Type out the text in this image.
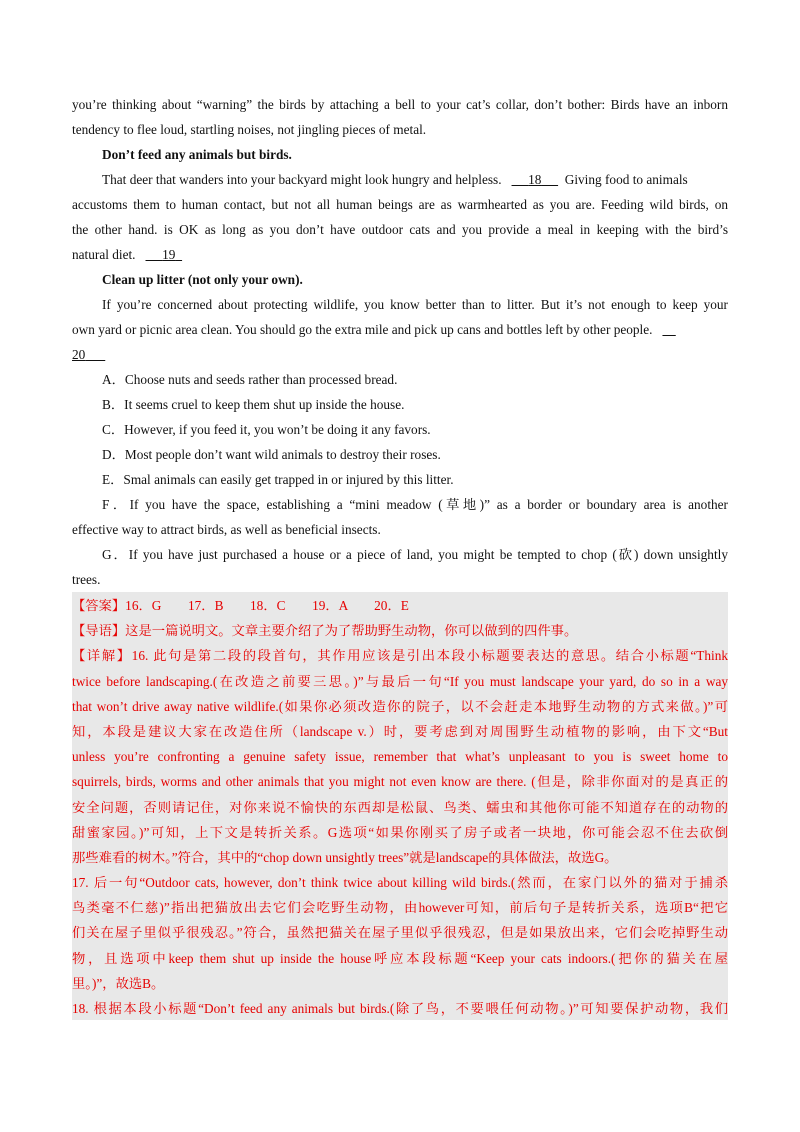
you’re thinking about “warning” the birds by attaching a bell to your cat’s collar, don’t bother: Birds have an inborn
tendency to flee loud, startling noises, not jingling pieces of metal.
Don’t feed any animals but birds.
That deer that wanders into your backyard might look hungry and helpless. 18 Giving food to animals
accustoms them to human contact, but not all human beings are as warmhearted as you are. Feeding wild birds, on
the other hand. is OK as long as you don’t have outdoor cats and you provide a meal in keeping with the bird’s
natural diet. 19
Clean up litter (not only your own).
If you’re concerned about protecting wildlife, you know better than to litter. But it’s not enough to keep your
own yard or picnic area clean. You should go the extra mile and pick up cans and bottles left by other people.
20
A．Choose nuts and seeds rather than processed bread.
B．It seems cruel to keep them shut up inside the house.
C．However, if you feed it, you won’t be doing it any favors.
D．Most people don’t want wild animals to destroy their roses.
E．Smal animals can easily get trapped in or injured by this litter.
F．If you have the space, establishing a “mini meadow (草地)” as a border or boundary area is another
effective way to attract birds, as well as beneficial insects.
G．If you have just purchased a house or a piece of land, you might be tempted to chop (砍) down unsightly
trees.
【答案】16．G　　17．B　　18．C　　19．A　　20．E
【导语】这是一篇说明文。文章主要介绍了为了帮助野生动物，你可以做到的四件事。
【详解】16. 此句是第二段的段首句，其作用应该是引出本段小标题要表达的意思。结合小标题“Think
twice before landscaping.(在改造之前要三思。)”与最后一句“If you must landscape your yard, do so in a way
that won’t drive away native wildlife.(如果你必须改造你的院子，以不会赶走本地野生动物的方式来做。)”可
知，本段是建议大家在改造住所（landscape v.）时，要考虑到对周围野生动植物的影响，由下文“But
unless you’re confronting a genuine safety issue, remember that what’s unpleasant to you is sweet home to
squirrels, birds, worms and other animals that you might not even know are there. (但是，除非你面对的是真正的
安全问题，否则请记住，对你来说不愉快的东西却是松鼠、鸟类、蠕虫和其他你可能不知道存在的动物的
甜蜜家园。)”可知，上下文是转折关系。G选项“如果你刚买了房子或者一块地，你可能会忍不住去砍倒
那些难看的树木。”符合，其中的“chop down unsightly trees”就是landscape的具体做法，故选G。
17. 后一句“Outdoor cats, however, don’t think twice about killing wild birds.(然而，在家门以外的猫对于捕杀
鸟类毫不仁慈)”指出把猫放出去它们会吃野生动物，由however可知，前后句子是转折关系，选项B“把它
们关在屋子里似乎很残忍。”符合，虽然把猫关在屋子里似乎很残忍，但是如果放出来，它们会吃掉野生动
物，且选项中keep them shut up inside the house呼应本段标题“Keep your cats indoors.(把你的猫关在屋
里。)”，故选B。
18. 根据本段小标题“Don’t feed any animals but birds.(除了鸟，不要喂任何动物。)”可知要保护动物，我们
